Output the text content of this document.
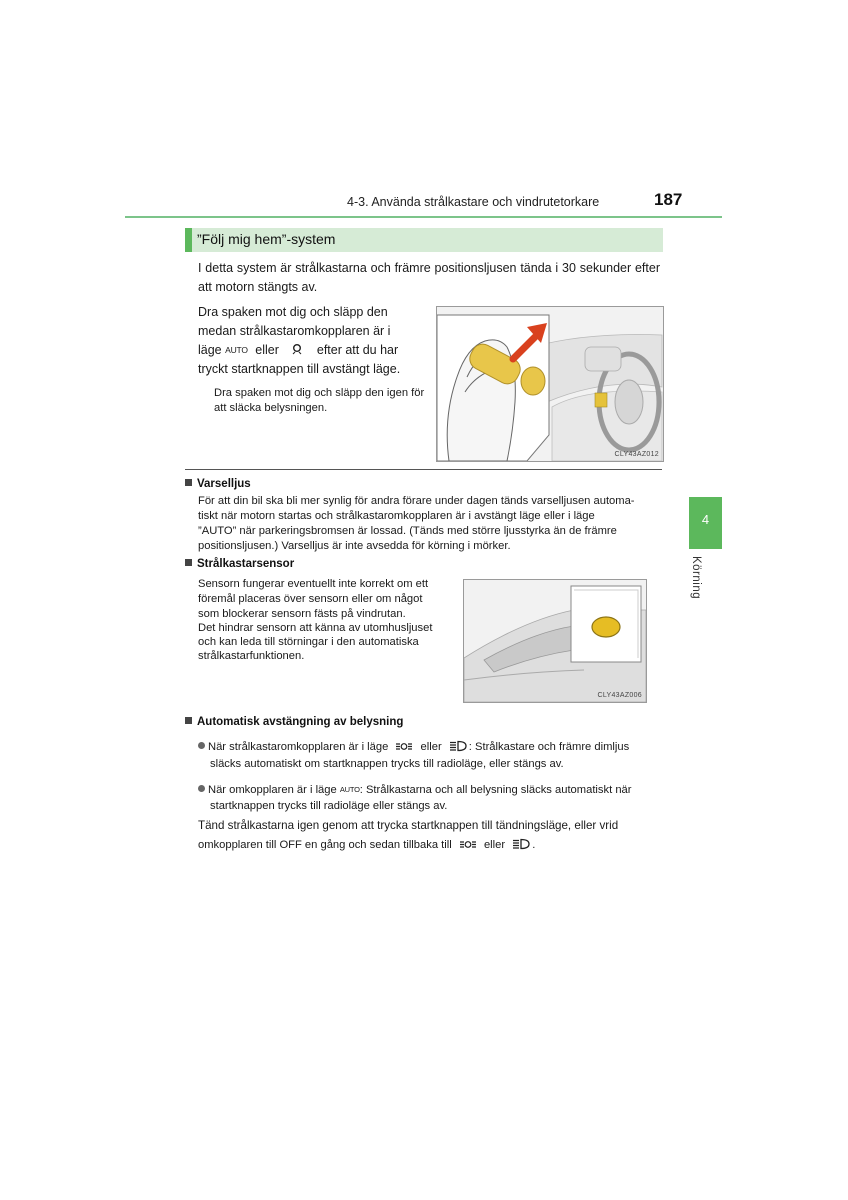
4-3. Använda strålkastare och vindrutetorkare	187
4
Körning
”Följ mig hem”-system
I detta system är strålkastarna och främre positionsljusen tända i 30 sekunder efter att motorn stängts av.
Dra spaken mot dig och släpp den
medan strålkastaromkopplaren är i
läge AUTO eller	efter att du har
tryckt startknappen till avstängt läge.
Dra spaken mot dig och släpp den igen för att släcka belysningen.
CLY43AZ012
Varselljus
För att din bil ska bli mer synlig för andra förare under dagen tänds varselljusen automa-
tiskt när motorn startas och strålkastaromkopplaren är i avstängt läge eller i läge
”AUTO” när parkeringsbromsen är lossad. (Tänds med större ljusstyrka än de främre
positionsljusen.) Varselljus är inte avsedda för körning i mörker.
Strålkastarsensor
Sensorn fungerar eventuellt inte korrekt om ett
föremål placeras över sensorn eller om något
som blockerar sensorn fästs på vindrutan.
Det hindrar sensorn att känna av utomhusljuset
och kan leda till störningar i den automatiska
strålkastarfunktionen.
CLY43AZ006
Automatisk avstängning av belysning
När strålkastaromkopplaren är i läge	eller : Strålkastare och främre dimljus
släcks automatiskt om startknappen trycks till radioläge, eller stängs av.
När omkopplaren är i läge AUTO: Strålkastarna och all belysning släcks automatiskt när
startknappen trycks till radioläge eller stängs av.
Tänd strålkastarna igen genom att trycka startknappen till tändningsläge, eller vrid
omkopplaren till OFF en gång och sedan tillbaka till	eller .
